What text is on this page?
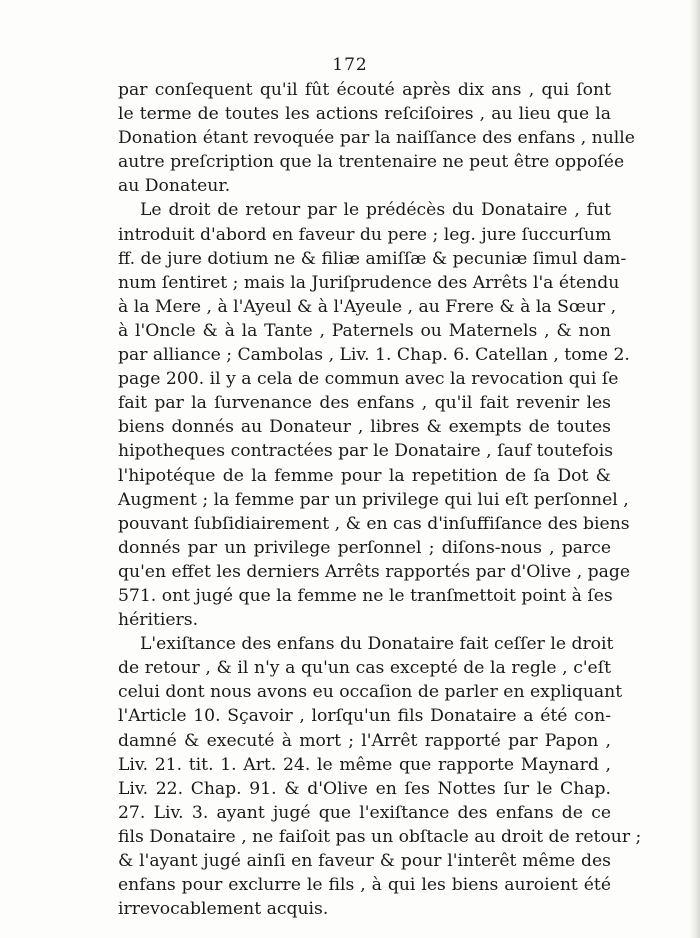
172
par conſequent qu'il fût écouté après dix ans , qui ſont
le terme de toutes les actions reſciſoires , au lieu que la
Donation étant revoquée par la naiſſance des enfans , nulle
autre preſcription que la trentenaire ne peut être oppoſée
au Donateur.
Le droit de retour par le prédécès du Donataire , fut
introduit d'abord en faveur du pere ; leg. jure ſuccurſum
ff. de jure dotium ne & filiæ amiſſæ & pecuniæ ſimul dam-
num ſentiret ; mais la Juriſprudence des Arrêts l'a étendu
à la Mere , à l'Ayeul & à l'Ayeule , au Frere & à la Sœur ,
à l'Oncle & à la Tante , Paternels ou Maternels , & non
par alliance ; Cambolas , Liv. 1. Chap. 6. Catellan , tome 2.
page 200. il y a cela de commun avec la revocation qui ſe
fait par la ſurvenance des enfans , qu'il fait revenir les
biens donnés au Donateur , libres & exempts de toutes
hipotheques contractées par le Donataire , ſauf toutefois
l'hipotéque de la femme pour la repetition de ſa Dot &
Augment ; la femme par un privilege qui lui eſt perſonnel ,
pouvant ſubſidiairement , & en cas d'inſuffiſance des biens
donnés par un privilege perſonnel ; diſons-nous , parce
qu'en effet les derniers Arrêts rapportés par d'Olive , page
571. ont jugé que la femme ne le tranſmettoit point à ſes
héritiers.
L'exiſtance des enfans du Donataire fait ceſſer le droit
de retour , & il n'y a qu'un cas excepté de la regle , c'eſt
celui dont nous avons eu occaſion de parler en expliquant
l'Article 10. Sçavoir , lorſqu'un fils Donataire a été con-
damné & executé à mort ; l'Arrêt rapporté par Papon ,
Liv. 21. tit. 1. Art. 24. le même que rapporte Maynard ,
Liv. 22. Chap. 91. & d'Olive en ſes Nottes ſur le Chap.
27. Liv. 3. ayant jugé que l'exiſtance des enfans de ce
fils Donataire , ne faiſoit pas un obſtacle au droit de retour ;
& l'ayant jugé ainſi en faveur & pour l'interêt même des
enfans pour exclurre le fils , à qui les biens auroient été
irrevocablement acquis.
